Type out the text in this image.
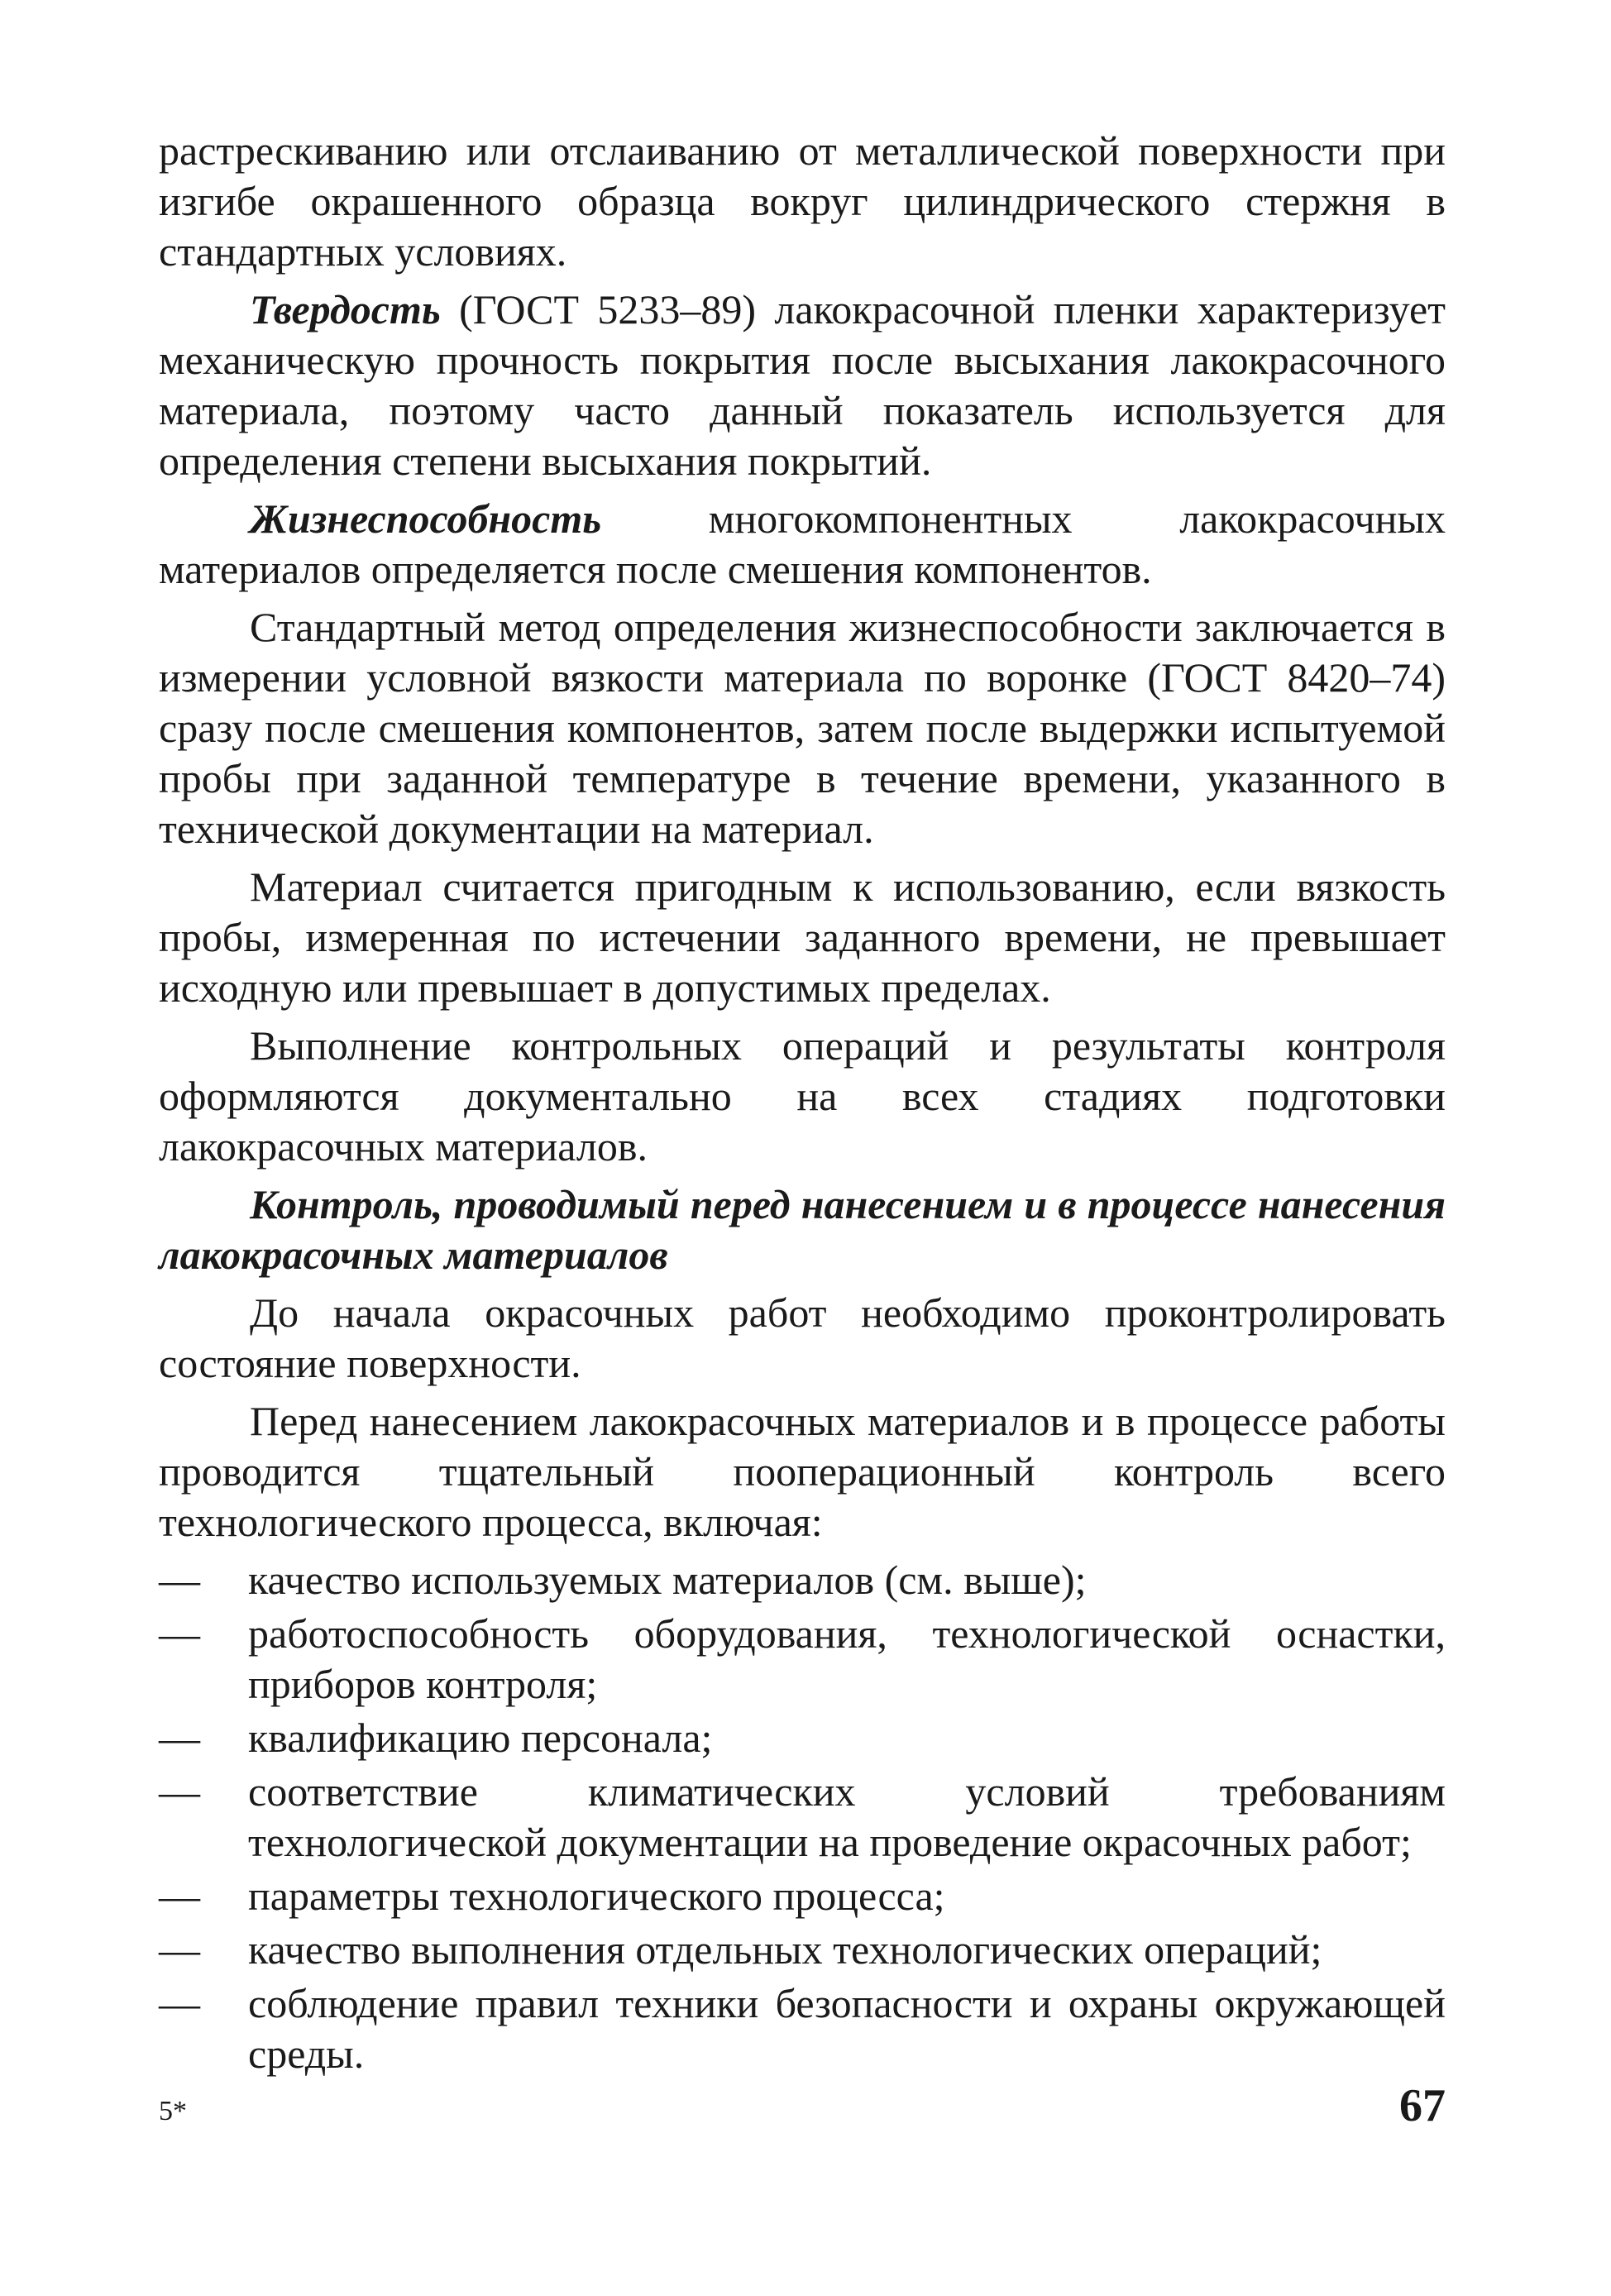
растрескиванию или отслаиванию от металлической поверхности при изгибе окрашенного образца вокруг цилиндрического стержня в стандартных условиях.

Твердость (ГОСТ 5233–89) лакокрасочной пленки характеризует механическую прочность покрытия после высыхания лакокрасочного материала, поэтому часто данный показатель используется для определения степени высыхания покрытий.

Жизнеспособность многокомпонентных лакокрасочных материалов определяется после смешения компонентов.

Стандартный метод определения жизнеспособности заключается в измерении условной вязкости материала по воронке (ГОСТ 8420–74) сразу после смешения компонентов, затем после выдержки испытуемой пробы при заданной температуре в течение времени, указанного в технической документации на материал.

Материал считается пригодным к использованию, если вязкость пробы, измеренная по истечении заданного времени, не превышает исходную или превышает в допустимых пределах.

Выполнение контрольных операций и результаты контроля оформляются документально на всех стадиях подготовки лакокрасочных материалов.

Контроль, проводимый перед нанесением и в процессе нанесения лакокрасочных материалов

До начала окрасочных работ необходимо проконтролировать состояние поверхности.

Перед нанесением лакокрасочных материалов и в процессе работы проводится тщательный пооперационный контроль всего технологического процесса, включая:

— качество используемых материалов (см. выше);
— работоспособность оборудования, технологической оснастки, приборов контроля;
— квалификацию персонала;
— соответствие климатических условий требованиям технологической документации на проведение окрасочных работ;
— параметры технологического процесса;
— качество выполнения отдельных технологических операций;
— соблюдение правил техники безопасности и охраны окружающей среды.
5*	67
